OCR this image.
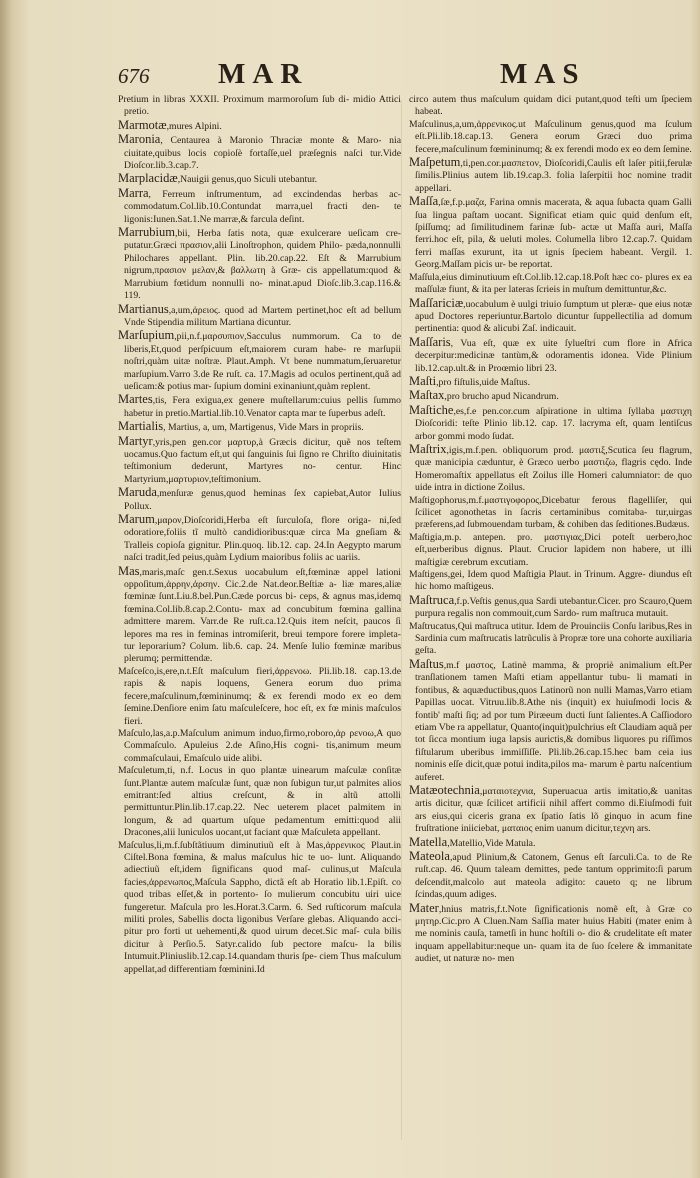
676 MAR	MAS

Pretium in libras XXXII. Proximum marmoroſum ſub di- midio Attici pretio.

Marmotæ,mures Alpini.

Maronia, Centaurea à Maronio Thraciæ monte & Maro- nia ciuitate,quibus locis copioſè fortaſſe,uel præſegnis naſci tur.Vide Dioſcor.lib.3.cap.7.

Marplacidæ,Nauigii genus,quo Siculi utebantur.

Marra, Ferreum inſtrumentum, ad excindendas herbas ac- commodatum.Col.lib.10.Contundat marra,uel fracti den- te ligonis:Iunen.Sat.1.Ne marræ,& farcula deſint.

Marrubium,bii, Herba ſatis nota, quæ exulcerare ueſicam cre- putatur.Græci πρασιον,alii Linoſtrophon, quidem Philo- pæda,nonnulli Philochares appellant. Plin. lib.20.cap.22. Eſt & Marrubium nigrum,πρασιον μελαν,& βαλλωτη à Græ- cis appellatum:quod & Marrubium fœtidum nonnulli no- minat.apud Dioſc.lib.3.cap.116.& 119.

Martianus,a,um,ἀρειος. quod ad Martem pertinet,hoc eſt ad bellum Vnde Stipendia militum Martiana dicuntur.

Marſupium,pii,n.f.μαρσυπιον,Sacculus nummorum. Ca to de liberis,Et,quod perſpicuum eſt,maiorem curam habe- re marſupii noſtri,quàm uitæ noſtræ. Plaut.Amph. Vt bene nummatum,ſeruaretur marſupium.Varro 3.de Re ruſt. ca. 17.Magis ad oculos pertinent,quã ad ueſicam:& potius mar- ſupium domini exinaniunt,quàm replent.

Martes,tis, Fera exigua,ex genere muſtellarum:cuius pellis ſummo habetur in pretio.Martial.lib.10.Venator capta mar te ſuperbus adeſt.

Martialis, Martius, a, um, Martigenus, Vide Mars in propriis.

Martyr,yris,pen gen.cor μαρτυρ,à Græcis dicitur, quẽ nos teſtem uocamus.Quo factum eſt,ut qui ſanguinis ſui ſigno re Chriſto diuinitatis teſtimonium dederunt, Martyres no- centur. Hinc Martyrium,μαρτυριον,teſtimonium.

Maruda,menſuræ genus,quod heminas ſex capiebat,Autor Iulius Pollux.

Marum,μαρον,Dioſcoridi,Herba eſt ſurculoſa, flore origa- ni,ſed odoratiore,foliis tĩ multò candidioribus:quæ circa Ma gneſiam & Tralleis copioſa gignitur. Plin.quoq. lib.12. cap. 24.In Aegypto marum naſci tradit,ſed peius,quàm Lydium maioribus foliis ac uariis.

Mas,maris,maſc gen.t.Sexus uocabulum eſt,fœminæ appel lationi oppoſitum,ἀρρην,ἀρσην. Cic.2.de Nat.deor.Beſtiæ a- liæ mares,aliæ fœminæ ſunt.Liu.8.bel.Pun.Cæde porcus bi- ceps, & agnus mas,idemq fœmina.Col.lib.8.cap.2.Contu- max ad concubitum fœmina gallina admittere marem. Varr.de Re ruſt.ca.12.Quis item neſcit, paucos ſi lepores ma res in feminas intromiſerit, breui tempore forere impleta- tur leporarium? Colum. lib.6. cap. 24. Menſe Iulio fœminæ maribus plerumq; permittendæ.

Maſceſco,is,ere,n.t.Eſt maſculum fieri,ἀρρενοω. Pli.lib.18. cap.13.de rapis & napis loquens, Genera eorum duo prima fecere,maſculinum,fœmininumq; & ex ferendi modo ex eo dem ſemine.Denſiore enim ſatu maſculeſcere, hoc eſt, ex fœ minis maſculos fieri.

Maſculo,las,a.p.Maſculum animum induo,firmo,roboro,ἀρ ρενοω,A quo Commaſculo. Apuleius 2.de Aſino,His cogni- tis,animum meum commaſculaui, Emaſculo uide alibi.

Maſculetum,ti, n.f. Locus in quo plantæ uinearum maſculæ conſitæ ſunt.Plantæ autem maſculæ ſunt, quæ non ſubigun tur,ut palmites alios emitrant:ſed altius creſcunt, & in altũ attolli permittuntur.Plin.lib.17.cap.22. Nec ueterem placet palmitem in longum, & ad quartum uſque pedamentum emitti:quod alii Dracones,alii luniculos uocant,ut faciant quæ Maſculeta appellant.

Maſculus,li,m.f.ſubſtãtiuum diminutiuũ eſt à Mas,ἀρρενικος Plaut.in Ciſtel.Bona fœmina, & malus maſculus hic te uo- lunt. Aliquando adiectiuũ eſt,idem ſignificans quod maſ- culinus,ut Maſcula facies,ἀρρενωπος,Maſcula Sappho, dictã eſt ab Horatio lib.1.Epiſt. co quod tribas eſſet,& in portento- ſo mulierum concubitu uiri uice fungeretur. Maſcula pro les.Horat.3.Carm. 6. Sed ruſticorum maſcula militi proles, Sabellis docta ligonibus Verſare glebas. Aliquando acci- pitur pro forti ut uehementi,& quod uirum decet.Sic maſ- cula bilis dicitur à Perſio.5. Satyr.calido ſub pectore maſcu- la bilis Intumuit.Pliniuslib.12.cap.14.quandam thuris ſpe- ciem Thus maſculum appellat,ad differentiam fœminini.Id

circo autem thus maſculum quidam dici putant,quod teſti um ſpeciem habeat.

Maſculinus,a,um,ἀρρενικος.ut Maſculinum genus,quod ma ſculum eſt.Pli.lib.18.cap.13. Genera eorum Græci duo prima fecere,maſculinum fœmininumq; & ex ferendi modo ex eo dem ſemine.

Maſpetum,ti,pen.cor.μασπετον, Dioſcoridi,Caulis eſt laſer pitii,ferulæ ſimilis.Plinius autem lib.19.cap.3. folia laſerpitii hoc nomine tradit appellari.

Maſſa,ſæ,f.p.μαζα, Farina omnis macerata, & aqua ſubacta quam Galli ſua lingua paſtam uocant. Significat etiam quic quid denſum eſt, ſpiſſumq; ad ſimilitudinem farinæ ſub- actæ ut Maſſa auri, Maſſa ferri.hoc eſt, pila, & ueluti moles. Columella libro 12.cap.7. Quidam ferri maſſas exurunt, ita ut ignis ſpeciem habeant. Vergil. 1. Georg.Maſſam picis ur- be reportat.

Maſſula,eius diminutiuum eſt.Col.lib.12.cap.18.Poſt hæc co- plures ex ea maſſulæ fiunt, & ita per lateras ſcrieis in muſtum demittuntur,&c.

Maſſariciæ,uocabulum è uulgi triuio ſumptum ut pleræ- que eius notæ apud Doctores reperiuntur.Bartolo dicuntur ſuppellectilia ad domum pertinentia: quod & alicubi Zaſ. indicauit.

Maſſaris, Vua eſt, quæ ex uite ſylueſtri cum flore in Africa decerpitur:medicinæ tantùm,& odoramentis idonea. Vide Plinium lib.12.cap.ult.& in Proœmio libri 23.

Maſti,pro fiſtulis,uide Maſtus.

Maſtax,pro brucho apud Nicandrum.

Maſtiche,es,f.e pen.cor.cum aſpiratione in ultima ſyllaba μαστιχη Dioſcoridi: teſte Plinio lib.12. cap. 17. lacryma eſt, quam lentiſcus arbor gommi modo ſudat.

Maſtrix,igis,m.f.pen. obliquorum prod. μαστιξ,Scutica ſeu flagrum, quæ manicipia cæduntur, è Græco uerbo μαστιζω, flagris cędo. Inde Homeromaſtix appellatus eſt Zoilus ille Homeri calumniator: de quo uide intra in dictione Zoilus.

Maſtigophorus,m.f.μαστιγοφορος,Dicebatur ferous flagelliſer, qui ſcilicet agonothetas in ſacris certaminibus comitaba- tur,uirgas præferens,ad ſubmouendam turbam, & cohiben das ſeditiones.Budæus.

Maſtigia,m.p. antepen. pro. μαστιγιας,Dici poteſt uerbero,hoc eſt,uerberibus dignus. Plaut. Crucior lapidem non habere, ut illi maſtigiæ cerebrum excutiam.

Maſtigens,gei, Idem quod Maſtigia Plaut. in Trinum. Aggre- diundus eſt hic homo maſtigeus.

Maſtruca,f.p.Veſtis genus,qua Sardi utebantur.Cicer. pro Scauro,Quem purpura regalis non commouit,cum Sardo- rum maſtruca mutauit.

Maſtrucatus,Qui maſtruca utitur. Idem de Prouinciis Conſu laribus,Res in Sardinia cum maſtrucatis latrũculis à Propræ tore una cohorte auxiliaria geſta.

Maſtus,m.f μαστος, Latinè mamma, & propriè animalium eſt.Per tranſlationem tamen Maſti etiam appellantur tubu- li mamati in fontibus, & aquæductibus,quos Latinorũ non nulli Mamas,Varro etiam Papillas uocat. Vitruu.lib.8.Athe nis (inquit) ex huiuſmodi locis & fontib' maſti ſiq; ad por tum Piræeum ducti ſunt ſalientes.A Caſſiodoro etiam Vbe ra appellatur, Quanto(inquit)pulchrius eſt Claudiam aquã per tot ſicca montium iuga lapsis aurictis,& domibus liquores pu riſſimos fiſtularum uberibus immiſſiſſe. Pli.lib.26.cap.15.hec bam ceia ius nominis eſſe dicit,quæ potui indita,pilos ma- marum è partu naſcentium auferet.

Matæotechnia,ματαιοτεχνια, Superuacua artis imitatio,& uanitas artis dicitur, quæ ſcilicet artificii nihil affert commo di.Eiuſmodi fuit ars eius,qui ciceris grana ex ſpatio ſatis lõ ginquo in acum fine fruſtratione iniiciebat, ματαιος enim uanum dicitur,τεχνη ars.

Matella,Matellio,Vide Matula.

Mateola,apud Plinium,& Catonem, Genus eſt ſarculi.Ca. to de Re ruſt.cap. 46. Quum taleam demittes, pede tantum opprimito:ſi parum deſcendit,malcolo aut mateola adigito: caueto q; ne librum ſcindas,quum adiges.

Mater,hnius matris,f.t.Note ſignificationis nomẽ eſt, à Græ co μητηρ.Cic.pro A Cluen.Nam Saſſia mater huius Habiti (mater enim à me nominis cauſa, tametſi in hunc hoſtili o- dio & crudelitate eſt mater inquam appellabitur:neque un- quam ita de ſuo ſcelere & immanitate audiet, ut naturæ no- men
